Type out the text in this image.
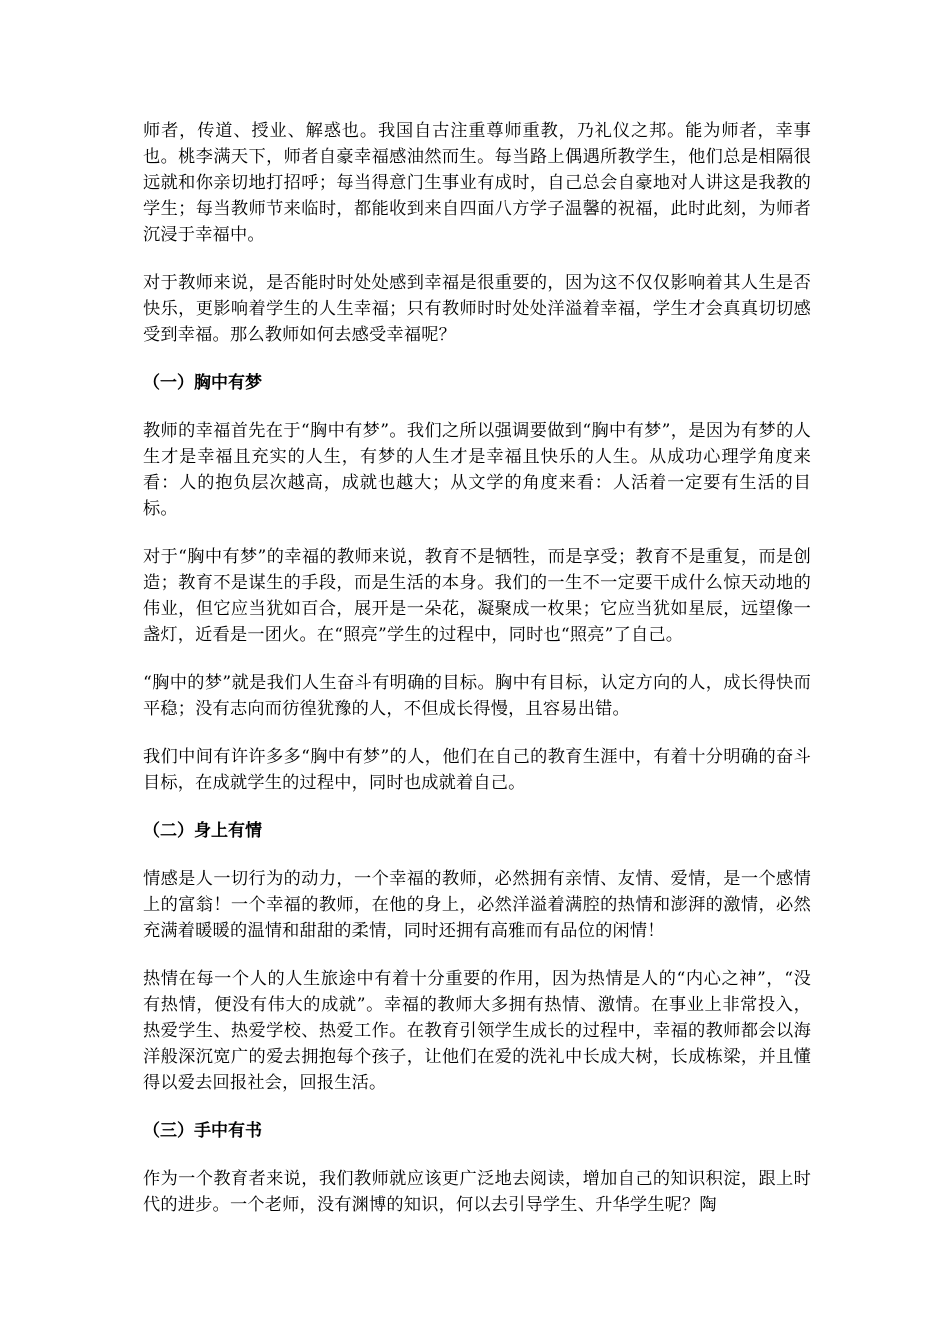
师者，传道、授业、解惑也。我国自古注重尊师重教，乃礼仪之邦。能为师者，幸事也。桃李满天下，师者自豪幸福感油然而生。每当路上偶遇所教学生，他们总是相隔很远就和你亲切地打招呼；每当得意门生事业有成时，自己总会自豪地对人讲这是我教的学生；每当教师节来临时，都能收到来自四面八方学子温馨的祝福，此时此刻，为师者沉浸于幸福中。

对于教师来说，是否能时时处处感到幸福是很重要的，因为这不仅仅影响着其人生是否快乐，更影响着学生的人生幸福；只有教师时时处处洋溢着幸福，学生才会真真切切感受到幸福。那么教师如何去感受幸福呢？

（一）胸中有梦

教师的幸福首先在于“胸中有梦”。我们之所以强调要做到“胸中有梦”，是因为有梦的人生才是幸福且充实的人生，有梦的人生才是幸福且快乐的人生。从成功心理学角度来看：人的抱负层次越高，成就也越大；从文学的角度来看：人活着一定要有生活的目标。

对于“胸中有梦”的幸福的教师来说，教育不是牺牲，而是享受；教育不是重复，而是创造；教育不是谋生的手段，而是生活的本身。我们的一生不一定要干成什么惊天动地的伟业，但它应当犹如百合，展开是一朵花，凝聚成一枚果；它应当犹如星辰，远望像一盏灯，近看是一团火。在“照亮”学生的过程中，同时也“照亮”了自己。

“胸中的梦”就是我们人生奋斗有明确的目标。胸中有目标，认定方向的人，成长得快而平稳；没有志向而彷徨犹豫的人，不但成长得慢，且容易出错。

我们中间有许许多多“胸中有梦”的人，他们在自己的教育生涯中，有着十分明确的奋斗目标，在成就学生的过程中，同时也成就着自己。

（二）身上有情

情感是人一切行为的动力，一个幸福的教师，必然拥有亲情、友情、爱情，是一个感情上的富翁！一个幸福的教师，在他的身上，必然洋溢着满腔的热情和澎湃的激情，必然充满着暖暖的温情和甜甜的柔情，同时还拥有高雅而有品位的闲情！

热情在每一个人的人生旅途中有着十分重要的作用，因为热情是人的“内心之神”，“没有热情，便没有伟大的成就”。幸福的教师大多拥有热情、激情。在事业上非常投入，热爱学生、热爱学校、热爱工作。在教育引领学生成长的过程中，幸福的教师都会以海洋般深沉宽广的爱去拥抱每个孩子，让他们在爱的洗礼中长成大树，长成栋梁，并且懂得以爱去回报社会，回报生活。

（三）手中有书

作为一个教育者来说，我们教师就应该更广泛地去阅读，增加自己的知识积淀，跟上时代的进步。一个老师，没有渊博的知识，何以去引导学生、升华学生呢？陶
